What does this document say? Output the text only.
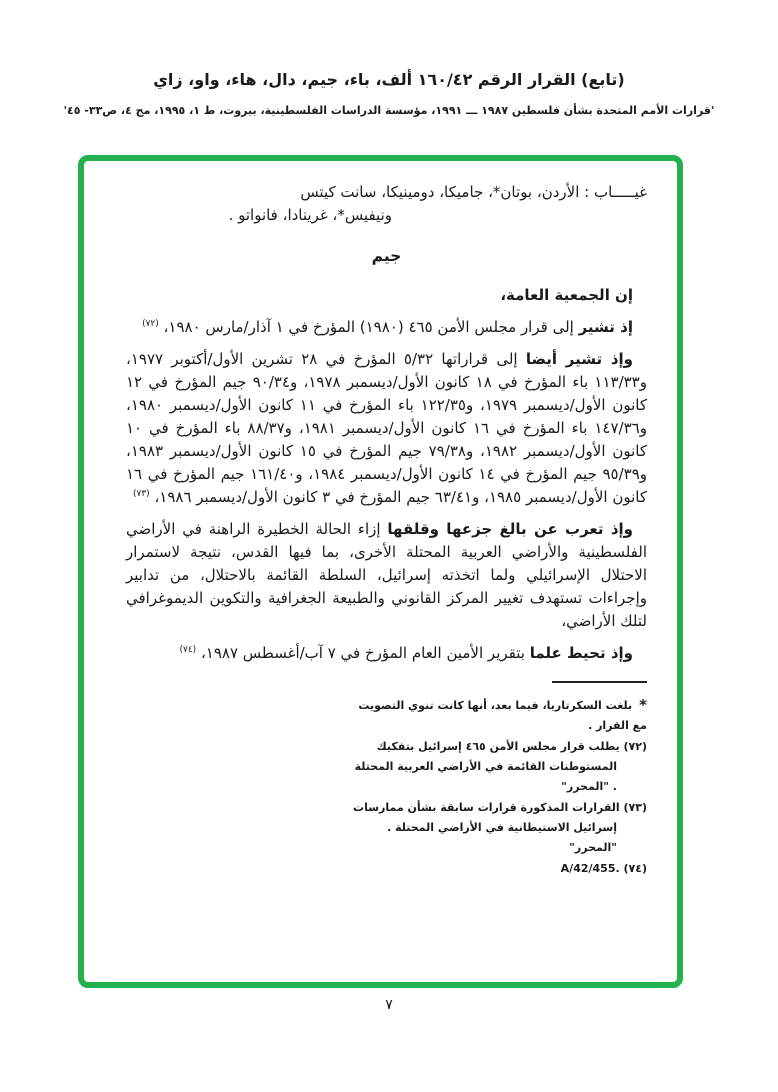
(تابع) القرار الرقم ١٦٠/٤٢ ألف، باء، جيم، دال، هاء، واو، زاي
'قرارات الأمم المتحدة بشأن فلسطين ١٩٨٧ ـــ ١٩٩١، مؤسسة الدراسات الفلسطينية، بيروت، ط ١، ١٩٩٥، مج ٤، ص٣٣- ٤٥'
غيـــــاب : الأردن، بوتان*، جاميكا، دومينيكا، سانت كيتس
ونيفيس*، غرينادا، فانواتو .
جيم

إن الجمعية العامة،

إذ تشير إلى قرار مجلس الأمن ٤٦٥ (١٩٨٠) المؤرخ في ١ آذار/مارس ١٩٨٠، $^{(٧٢)}$

وإذ تشير أيضا إلى قراراتها ٥/٣٢ المؤرخ في ٢٨ تشرين الأول/أكتوبر ١٩٧٧، و١١٣/٣٣ باء المؤرخ في ١٨ كانون الأول/ديسمبر ١٩٧٨، و٩٠/٣٤ جيم المؤرخ في ١٢ كانون الأول/ديسمبر ١٩٧٩، و١٢٢/٣٥ باء المؤرخ في ١١ كانون الأول/ديسمبر ١٩٨٠، و١٤٧/٣٦ باء المؤرخ في ١٦ كانون الأول/ديسمبر ١٩٨١، و٨٨/٣٧ باء المؤرخ في ١٠ كانون الأول/ديسمبر ١٩٨٢، و٧٩/٣٨ جيم المؤرخ في ١٥ كانون الأول/ديسمبر ١٩٨٣، و٩٥/٣٩ جيم المؤرخ في ١٤ كانون الأول/ديسمبر ١٩٨٤، و١٦١/٤٠ جيم المؤرخ في ١٦ كانون الأول/ديسمبر ١٩٨٥، و٦٣/٤١ جيم المؤرخ في ٣ كانون الأول/ديسمبر ١٩٨٦، $^{(٧٣)}$

وإذ تعرب عن بالغ جزعها وقلقها إزاء الحالة الخطيرة الراهنة في الأراضي الفلسطينية والأراضي العربية المحتلة الأخرى، بما فيها القدس، نتيجة لاستمرار الاحتلال الإسرائيلي ولما اتخذته إسرائيل، السلطة القائمة بالاحتلال، من تدابير وإجراءات تستهدف تغيير المركز القانوني والطبيعة الجغرافية والتكوين الديموغرافي لتلك الأراضي،

وإذ تحيط علما بتقرير الأمين العام المؤرخ في ٧ آب/أغسطس ١٩٨٧، $^{(٧٤)}$

*بلغت السكرتاريا، فيما بعد، أنها كانت تنوي التصويت مع القرار .
(٧٢) يطلب قرار مجلس الأمن ٤٦٥ إسرائيل بتفكيك المستوطنات القائمة في الأراضي العربية المحتلة . "المحرر"
(٧٣) القرارات المذكورة قرارات سابقة بشأن ممارسات إسرائيل الاستيطانية في الأراضي المحتلة . "المحرر"
(٧٤) A/42/455.‎
٧
